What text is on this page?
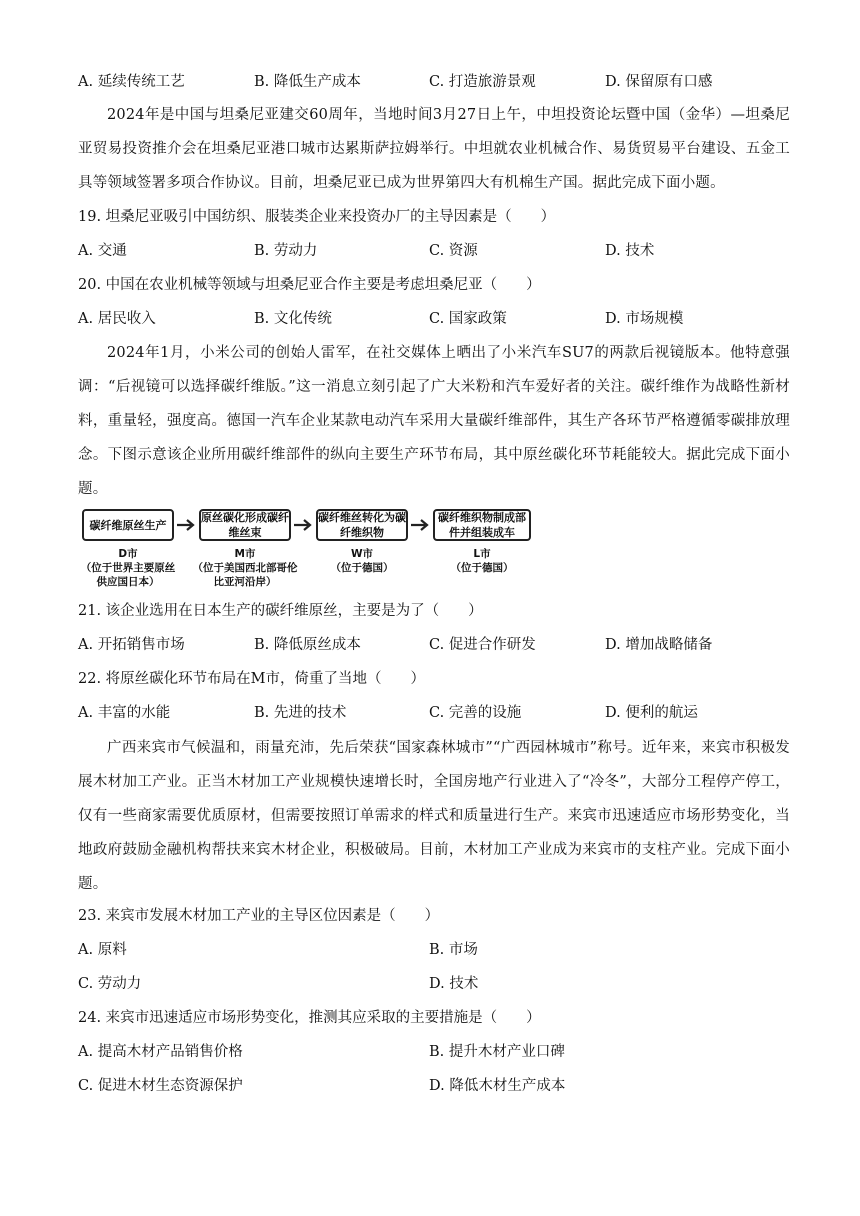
A. 延续传统工艺	B. 降低生产成本	C. 打造旅游景观	D. 保留原有口感
2024年是中国与坦桑尼亚建交60周年，当地时间3月27日上午，中坦投资论坛暨中国（金华）—坦桑尼亚贸易投资推介会在坦桑尼亚港口城市达累斯萨拉姆举行。中坦就农业机械合作、易货贸易平台建设、五金工具等领域签署多项合作协议。目前，坦桑尼亚已成为世界第四大有机棉生产国。据此完成下面小题。
19. 坦桑尼亚吸引中国纺织、服装类企业来投资办厂的主导因素是（　　）
A. 交通	B. 劳动力	C. 资源	D. 技术
20. 中国在农业机械等领域与坦桑尼亚合作主要是考虑坦桑尼亚（　　）
A. 居民收入	B. 文化传统	C. 国家政策	D. 市场规模
2024年1月，小米公司的创始人雷军，在社交媒体上晒出了小米汽车SU7的两款后视镜版本。他特意强调：“后视镜可以选择碳纤维版。”这一消息立刻引起了广大米粉和汽车爱好者的关注。碳纤维作为战略性新材料，重量轻，强度高。德国一汽车企业某款电动汽车采用大量碳纤维部件，其生产各环节严格遵循零碳排放理念。下图示意该企业所用碳纤维部件的纵向主要生产环节布局，其中原丝碳化环节耗能较大。据此完成下面小题。
碳纤维原丝生产
原丝碳化形成碳纤维丝束
碳纤维丝转化为碳纤维织物
碳纤维织物制成部件并组装成车
D市
（位于世界主要原丝供应国日本）
M市
（位于美国西北部哥伦比亚河沿岸）
W市
（位于德国）
L市
（位于德国）
21. 该企业选用在日本生产的碳纤维原丝，主要是为了（　　）
A. 开拓销售市场	B. 降低原丝成本	C. 促进合作研发	D. 增加战略储备
22. 将原丝碳化环节布局在M市，倚重了当地（　　）
A. 丰富的水能	B. 先进的技术	C. 完善的设施	D. 便利的航运
广西来宾市气候温和，雨量充沛，先后荣获“国家森林城市”“广西园林城市”称号。近年来，来宾市积极发展木材加工产业。正当木材加工产业规模快速增长时，全国房地产行业进入了“冷冬”，大部分工程停产停工，仅有一些商家需要优质原材，但需要按照订单需求的样式和质量进行生产。来宾市迅速适应市场形势变化，当地政府鼓励金融机构帮扶来宾木材企业，积极破局。目前，木材加工产业成为来宾市的支柱产业。完成下面小题。
23. 来宾市发展木材加工产业的主导区位因素是（　　）
A. 原料	B. 市场
C. 劳动力	D. 技术
24. 来宾市迅速适应市场形势变化，推测其应采取的主要措施是（　　）
A. 提高木材产品销售价格	B. 提升木材产业口碑
C. 促进木材生态资源保护	D. 降低木材生产成本
